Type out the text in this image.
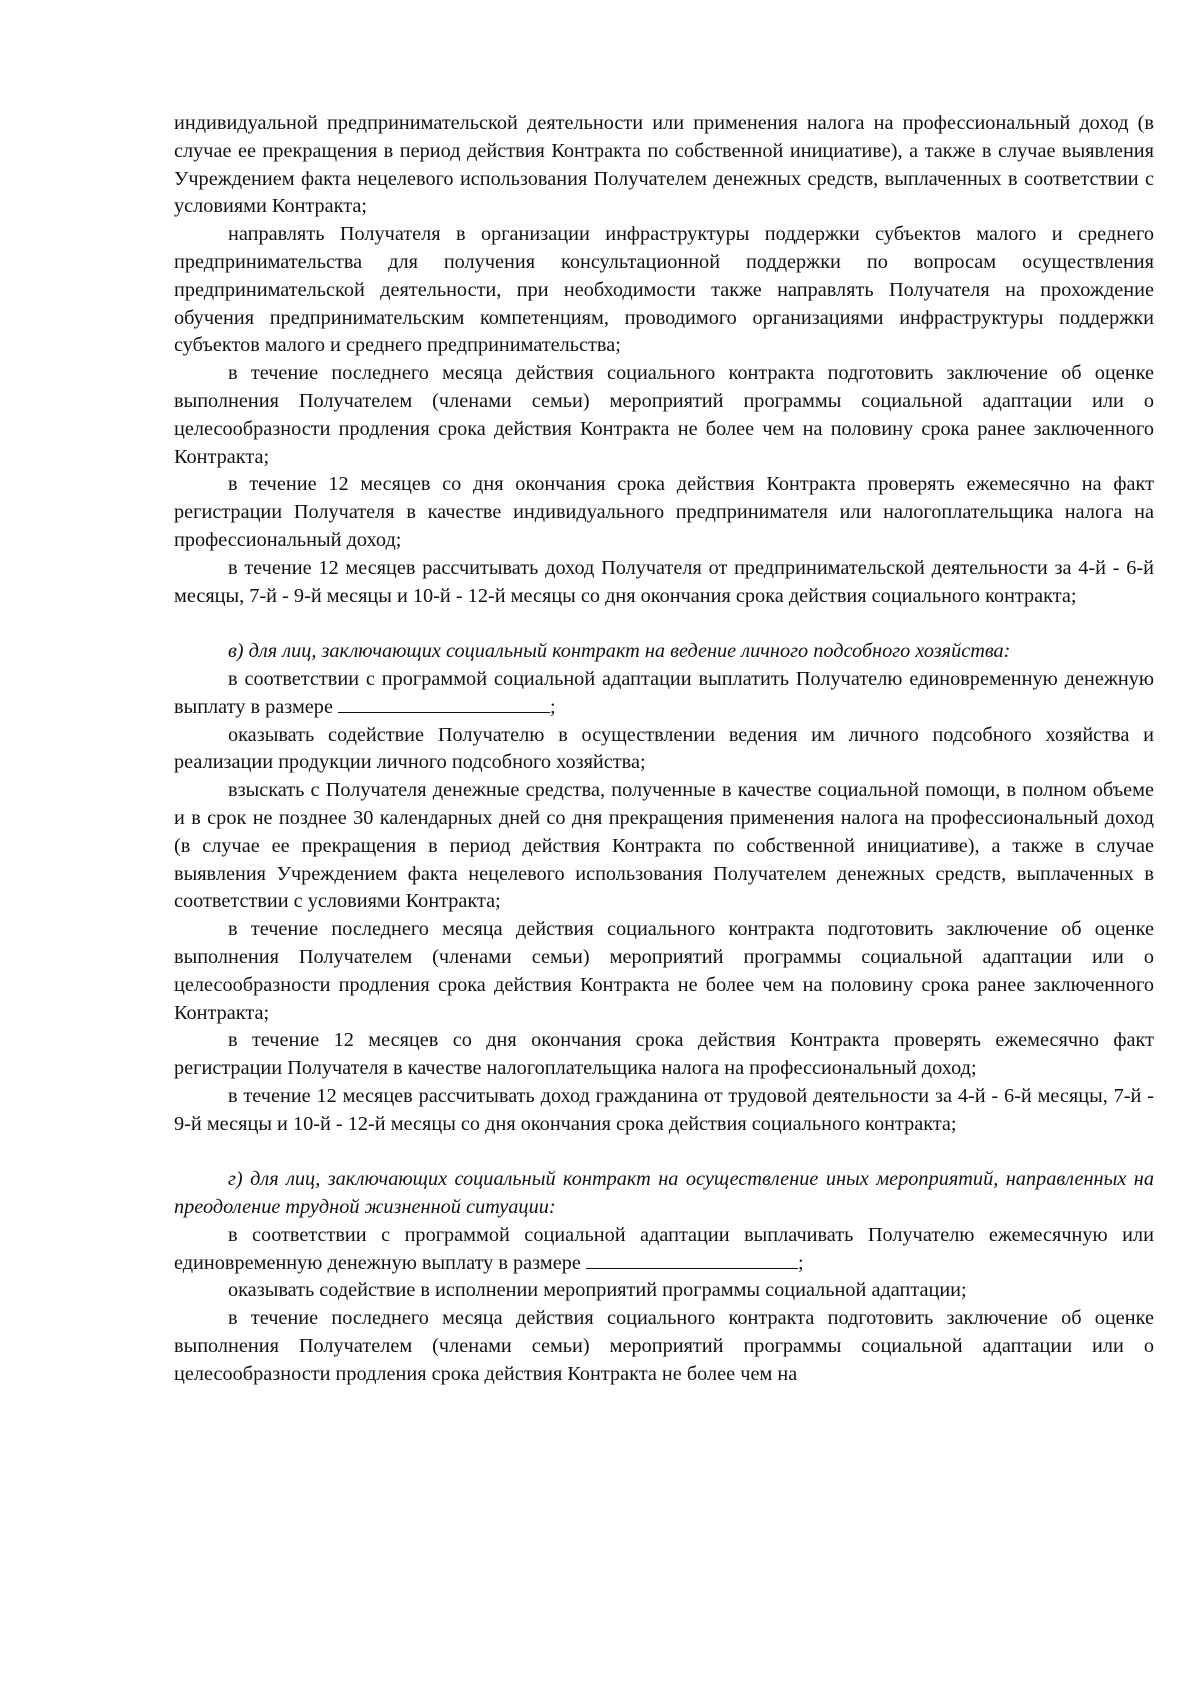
индивидуальной предпринимательской деятельности или применения налога на профессиональный доход (в случае ее прекращения в период действия Контракта по собственной инициативе), а также в случае выявления Учреждением факта нецелевого использования Получателем денежных средств, выплаченных в соответствии с условиями Контракта;

направлять Получателя в организации инфраструктуры поддержки субъектов малого и среднего предпринимательства для получения консультационной поддержки по вопросам осуществления предпринимательской деятельности, при необходимости также направлять Получателя на прохождение обучения предпринимательским компетенциям, проводимого организациями инфраструктуры поддержки субъектов малого и среднего предпринимательства;

в течение последнего месяца действия социального контракта подготовить заключение об оценке выполнения Получателем (членами семьи) мероприятий программы социальной адаптации или о целесообразности продления срока действия Контракта не более чем на половину срока ранее заключенного Контракта;

в течение 12 месяцев со дня окончания срока действия Контракта проверять ежемесячно на факт регистрации Получателя в качестве индивидуального предпринимателя или налогоплательщика налога на профессиональный доход;

в течение 12 месяцев рассчитывать доход Получателя от предпринимательской деятельности за 4-й - 6-й месяцы, 7-й - 9-й месяцы и 10-й - 12-й месяцы со дня окончания срока действия социального контракта;

в) для лиц, заключающих социальный контракт на ведение личного подсобного хозяйства:

в соответствии с программой социальной адаптации выплатить Получателю единовременную денежную выплату в размере	;

оказывать содействие Получателю в осуществлении ведения им личного подсобного хозяйства и реализации продукции личного подсобного хозяйства;

взыскать с Получателя денежные средства, полученные в качестве социальной помощи, в полном объеме и в срок не позднее 30 календарных дней со дня прекращения применения налога на профессиональный доход (в случае ее прекращения в период действия Контракта по собственной инициативе), а также в случае выявления Учреждением факта нецелевого использования Получателем денежных средств, выплаченных в соответствии с условиями Контракта;

в течение последнего месяца действия социального контракта подготовить заключение об оценке выполнения Получателем (членами семьи) мероприятий программы социальной адаптации или о целесообразности продления срока действия Контракта не более чем на половину срока ранее заключенного Контракта;

в течение 12 месяцев со дня окончания срока действия Контракта проверять ежемесячно факт регистрации Получателя в качестве налогоплательщика налога на профессиональный доход;

в течение 12 месяцев рассчитывать доход гражданина от трудовой деятельности за 4-й - 6-й месяцы, 7-й - 9-й месяцы и 10-й - 12-й месяцы со дня окончания срока действия социального контракта;

г) для лиц, заключающих социальный контракт на осуществление иных мероприятий, направленных на преодоление трудной жизненной ситуации:

в соответствии с программой социальной адаптации выплачивать Получателю ежемесячную или единовременную денежную выплату в размере	;

оказывать содействие в исполнении мероприятий программы социальной адаптации;

в течение последнего месяца действия социального контракта подготовить заключение об оценке выполнения Получателем (членами семьи) мероприятий программы социальной адаптации или о целесообразности продления срока действия Контракта не более чем на
